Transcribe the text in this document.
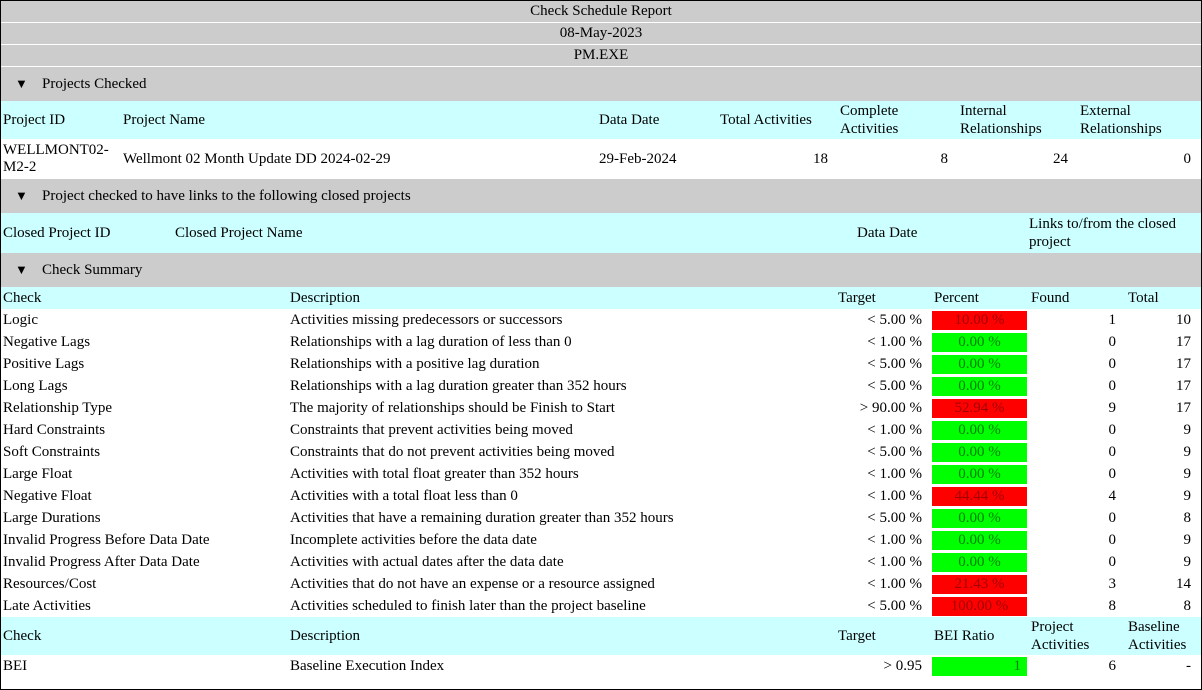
Check Schedule Report
08-May-2023
PM.EXE
▼ Projects Checked
Project ID	Project Name	Data Date	Total Activities	Complete Activities	Internal Relationships	External Relationships
WELLMONT02-M2-2	Wellmont 02 Month Update DD 2024-02-29	29-Feb-2024	18	8	24	0
▼ Project checked to have links to the following closed projects
Closed Project ID	Closed Project Name	Data Date	Links to/from the closed project
▼ Check Summary
Check	Description	Target	Percent	Found	Total
Logic	Activities missing predecessors or successors	< 5.00 %	10.00 %	1	10
Negative Lags	Relationships with a lag duration of less than 0	< 1.00 %	0.00 %	0	17
Positive Lags	Relationships with a positive lag duration	< 5.00 %	0.00 %	0	17
Long Lags	Relationships with a lag duration greater than 352 hours	< 5.00 %	0.00 %	0	17
Relationship Type	The majority of relationships should be Finish to Start	> 90.00 %	52.94 %	9	17
Hard Constraints	Constraints that prevent activities being moved	< 1.00 %	0.00 %	0	9
Soft Constraints	Constraints that do not prevent activities being moved	< 5.00 %	0.00 %	0	9
Large Float	Activities with total float greater than 352 hours	< 1.00 %	0.00 %	0	9
Negative Float	Activities with a total float less than 0	< 1.00 %	44.44 %	4	9
Large Durations	Activities that have a remaining duration greater than 352 hours	< 5.00 %	0.00 %	0	8
Invalid Progress Before Data Date	Incomplete activities before the data date	< 1.00 %	0.00 %	0	9
Invalid Progress After Data Date	Activities with actual dates after the data date	< 1.00 %	0.00 %	0	9
Resources/Cost	Activities that do not have an expense or a resource assigned	< 1.00 %	21.43 %	3	14
Late Activities	Activities scheduled to finish later than the project baseline	< 5.00 %	100.00 %	8	8
Check	Description	Target	BEI Ratio	Project Activities	Baseline Activities
BEI	Baseline Execution Index	> 0.95	1	6	-
